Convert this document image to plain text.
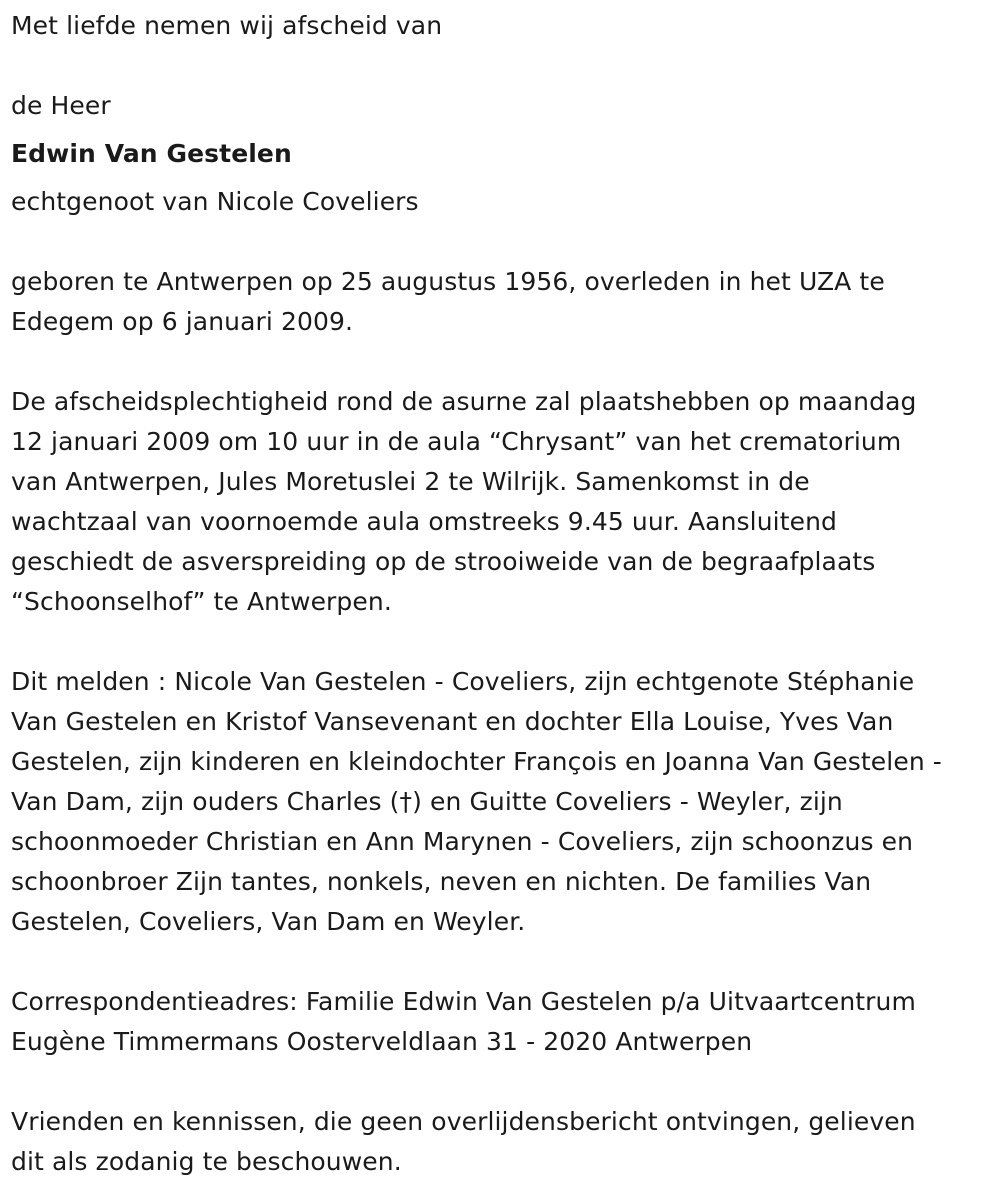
Met liefde nemen wij afscheid van
de Heer
Edwin Van Gestelen
echtgenoot van Nicole Coveliers
geboren te Antwerpen op 25 augustus 1956, overleden in het UZA te
Edegem op 6 januari 2009.
De afscheidsplechtigheid rond de asurne zal plaatshebben op maandag
12 januari 2009 om 10 uur in de aula “Chrysant” van het crematorium
van Antwerpen, Jules Moretuslei 2 te Wilrijk. Samenkomst in de
wachtzaal van voornoemde aula omstreeks 9.45 uur. Aansluitend
geschiedt de asverspreiding op de strooiweide van de begraafplaats
“Schoonselhof” te Antwerpen.
Dit melden : Nicole Van Gestelen - Coveliers, zijn echtgenote Stéphanie
Van Gestelen en Kristof Vansevenant en dochter Ella Louise, Yves Van
Gestelen, zijn kinderen en kleindochter François en Joanna Van Gestelen -
Van Dam, zijn ouders Charles (†) en Guitte Coveliers - Weyler, zijn
schoonmoeder Christian en Ann Marynen - Coveliers, zijn schoonzus en
schoonbroer Zijn tantes, nonkels, neven en nichten. De families Van
Gestelen, Coveliers, Van Dam en Weyler.
Correspondentieadres: Familie Edwin Van Gestelen p/a Uitvaartcentrum
Eugène Timmermans Oosterveldlaan 31 - 2020 Antwerpen
Vrienden en kennissen, die geen overlijdensbericht ontvingen, gelieven
dit als zodanig te beschouwen.
